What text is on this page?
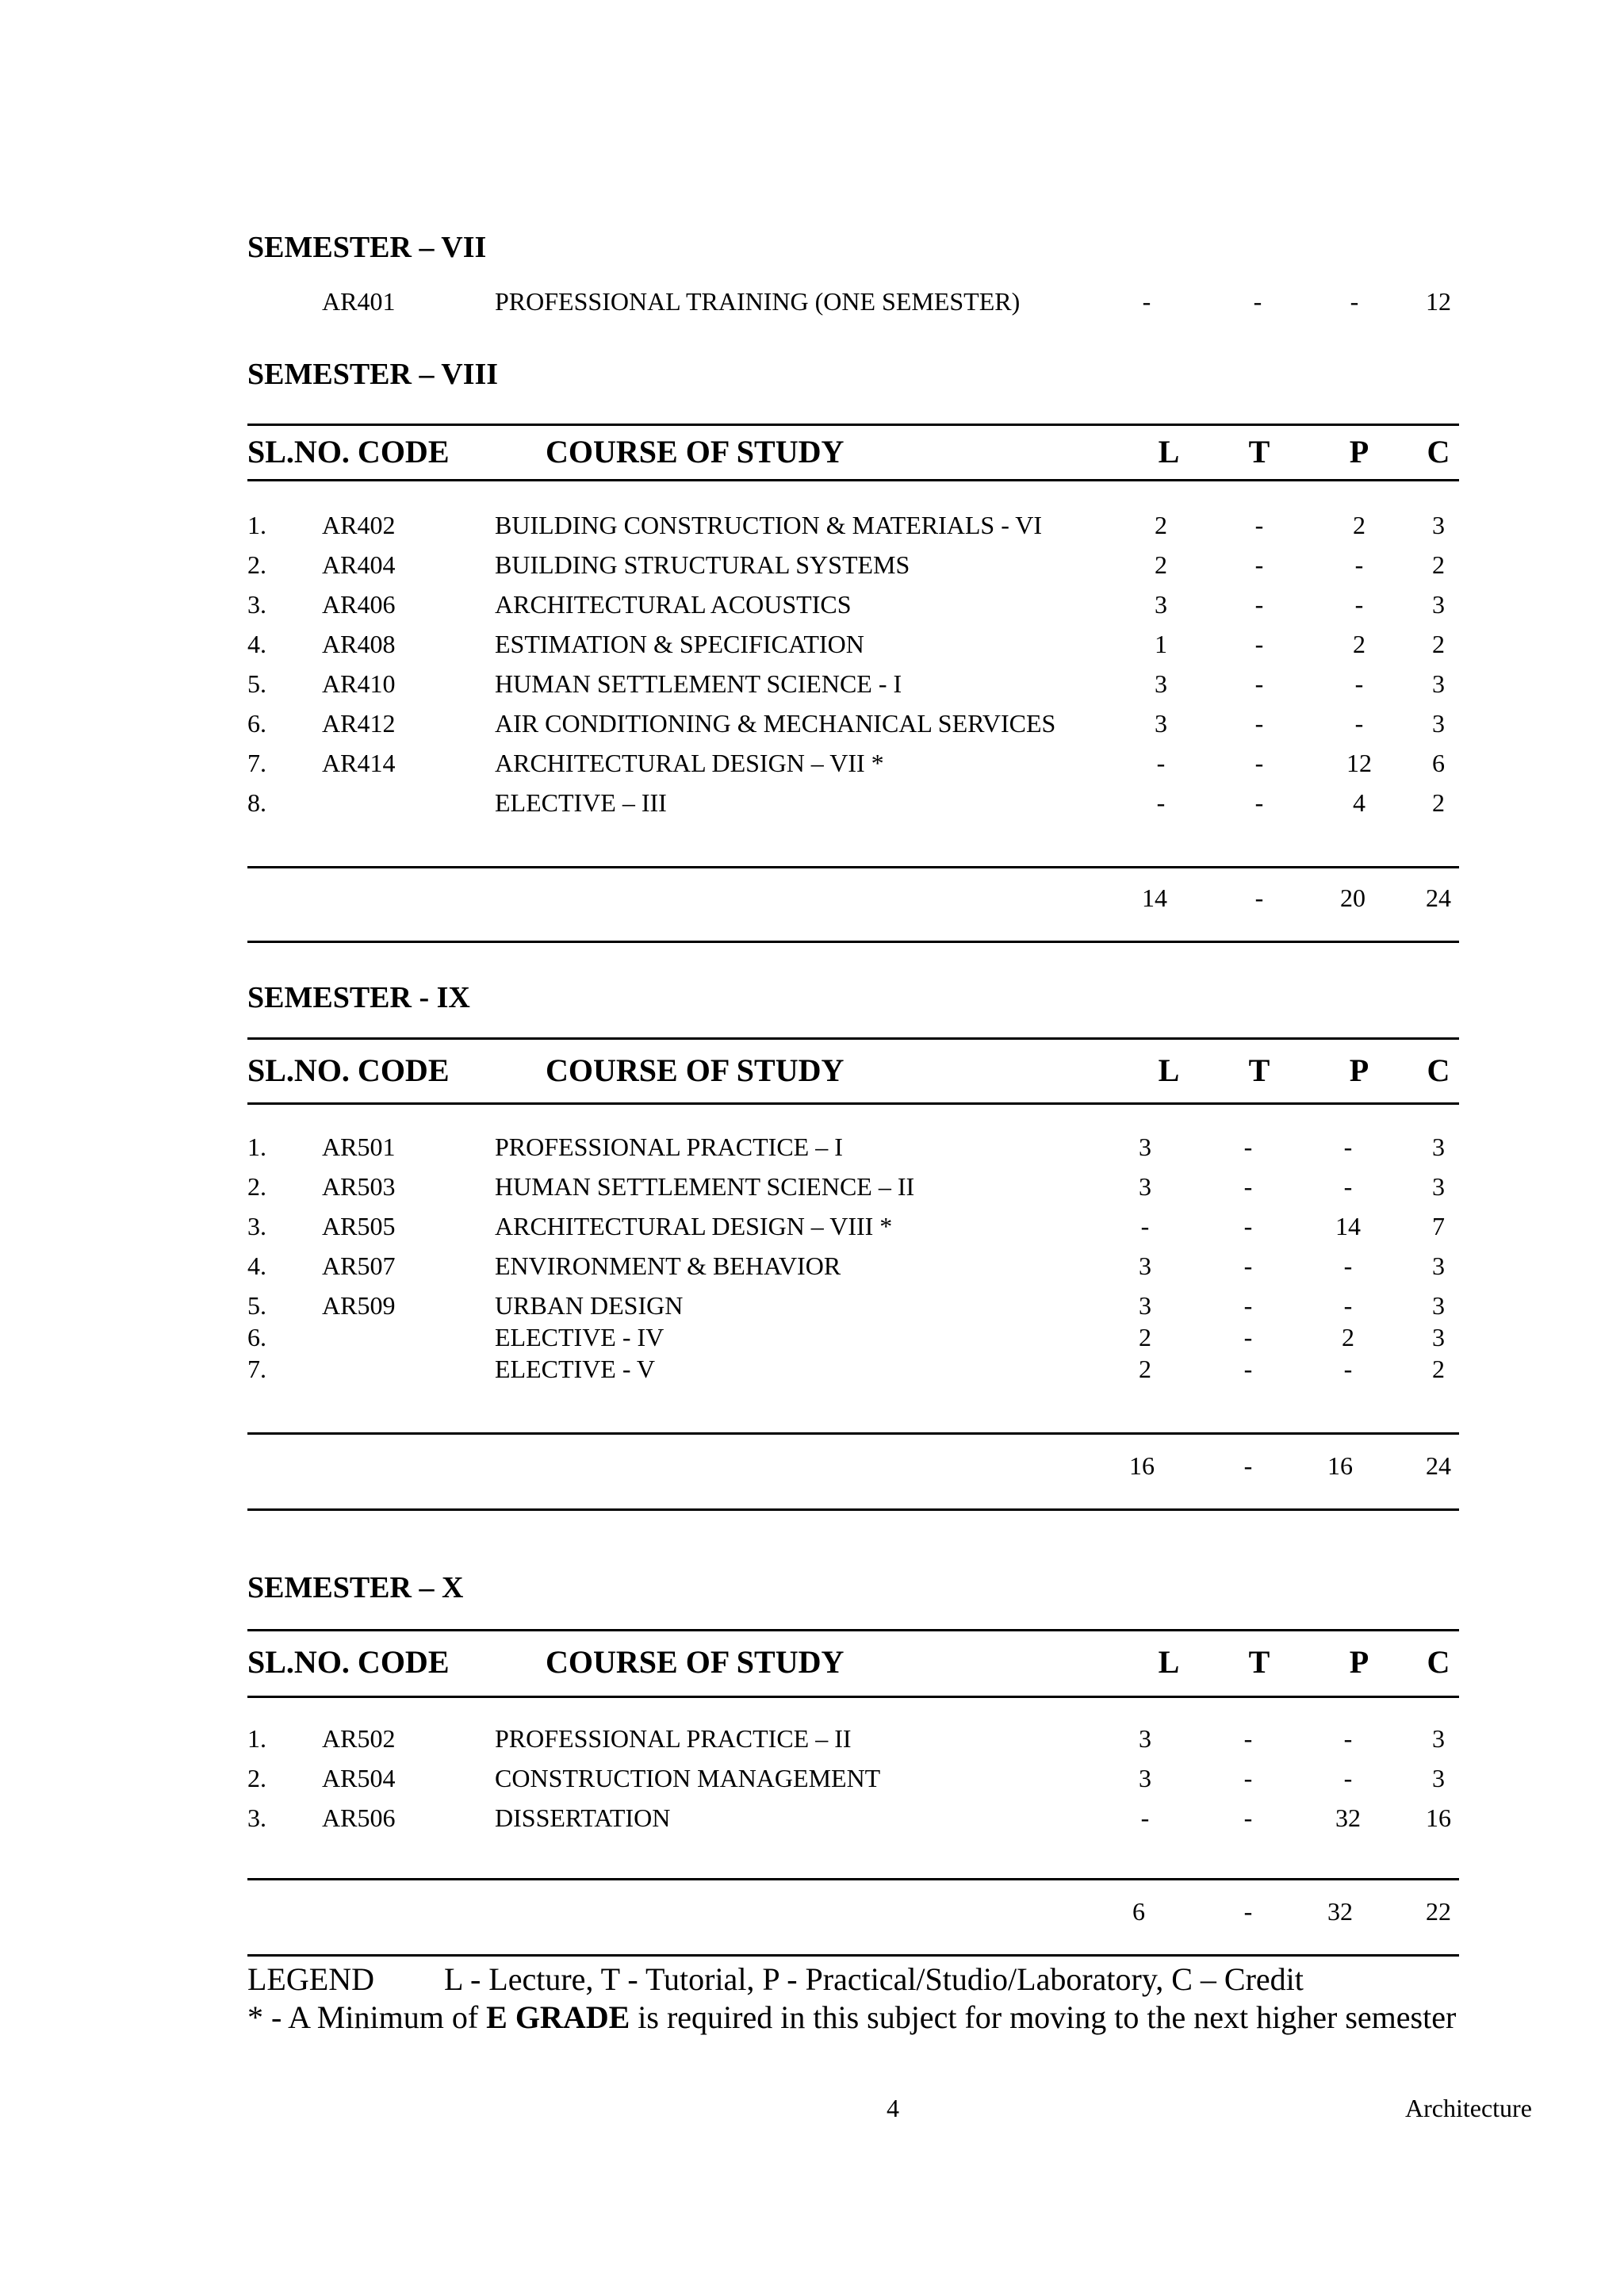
SEMESTER – VII
AR401	PROFESSIONAL TRAINING (ONE SEMESTER)	-	-	-	12
SEMESTER – VIII
SL.NO. CODE	COURSE OF STUDY	L	T	P	C
1. AR402	BUILDING CONSTRUCTION & MATERIALS - VI	2	-	2	3
2. AR404	BUILDING STRUCTURAL SYSTEMS	2	-	-	2
3. AR406	ARCHITECTURAL ACOUSTICS	3	-	-	3
4. AR408	ESTIMATION & SPECIFICATION	1	-	2	2
5. AR410	HUMAN SETTLEMENT SCIENCE - I	3	-	-	3
6. AR412	AIR CONDITIONING & MECHANICAL SERVICES	3	-	-	3
7. AR414	ARCHITECTURAL DESIGN – VII *	-	-	12	6
8.	ELECTIVE – III	-	-	4	2
14	-	20	24
SEMESTER - IX
SL.NO. CODE	COURSE OF STUDY	L	T	P	C
1. AR501	PROFESSIONAL PRACTICE – I	3	-	-	3
2. AR503	HUMAN SETTLEMENT SCIENCE – II	3	-	-	3
3. AR505	ARCHITECTURAL DESIGN – VIII *	-	-	14	7
4. AR507	ENVIRONMENT & BEHAVIOR	3	-	-	3
5. AR509	URBAN DESIGN	3	-	-	3
6.	ELECTIVE - IV	2	-	2	3
7.	ELECTIVE - V	2	-	-	2
16	-	16	24
SEMESTER – X
SL.NO. CODE	COURSE OF STUDY	L	T	P	C
1. AR502	PROFESSIONAL PRACTICE – II	3	-	-	3
2. AR504	CONSTRUCTION MANAGEMENT	3	-	-	3
3. AR506	DISSERTATION	-	-	32	16
6	-	32	22
LEGEND L - Lecture, T - Tutorial, P - Practical/Studio/Laboratory, C – Credit
* - A Minimum of E GRADE is required in this subject for moving to the next higher semester
4	Architecture
